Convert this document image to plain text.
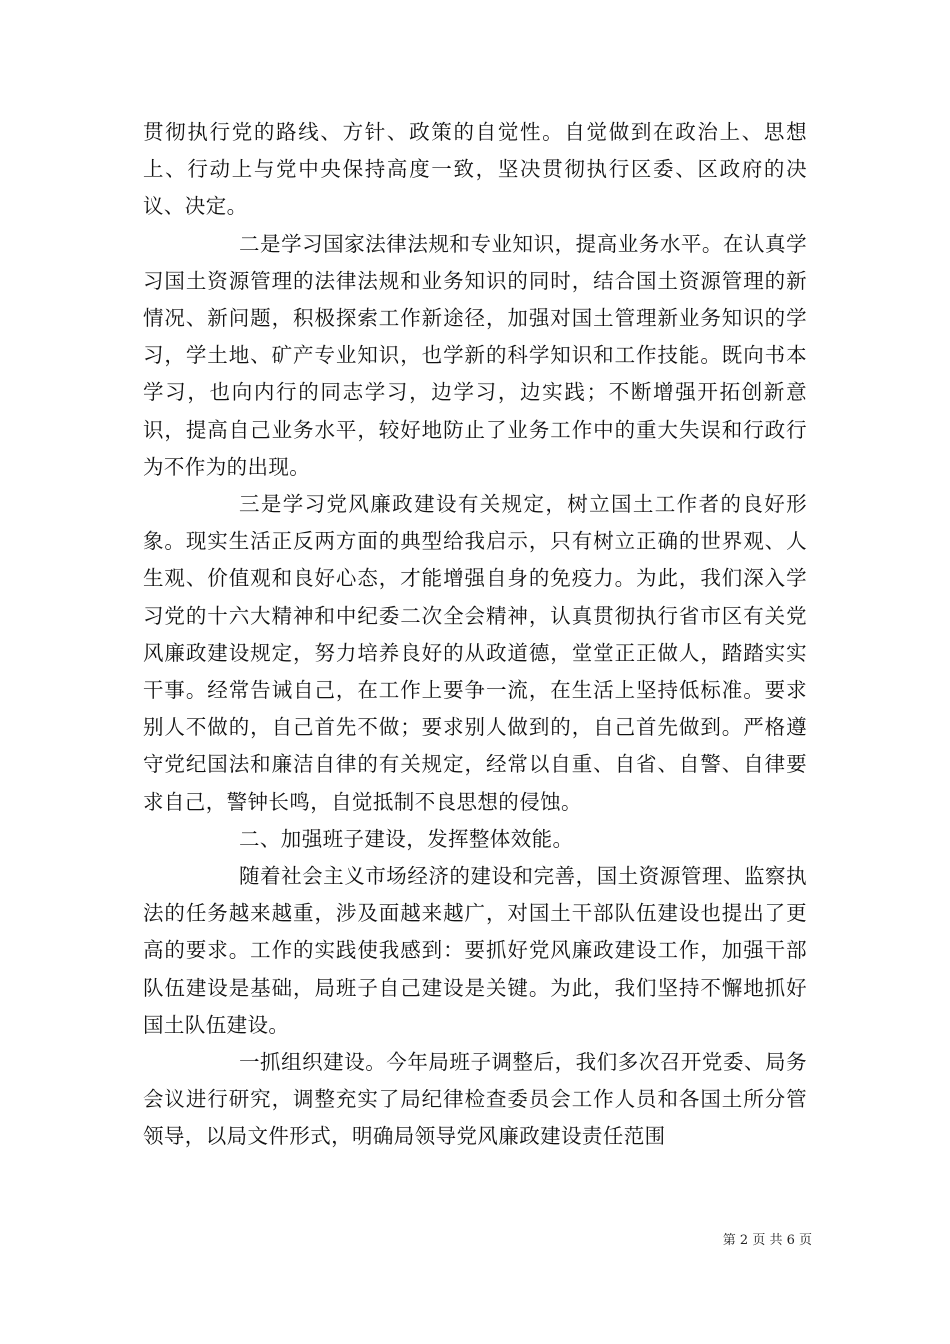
贯彻执行党的路线、方针、政策的自觉性。自觉做到在政治上、思想上、行动上与党中央保持高度一致，坚决贯彻执行区委、区政府的决议、决定。

二是学习国家法律法规和专业知识，提高业务水平。在认真学习国土资源管理的法律法规和业务知识的同时，结合国土资源管理的新情况、新问题，积极探索工作新途径，加强对国土管理新业务知识的学习，学土地、矿产专业知识，也学新的科学知识和工作技能。既向书本学习，也向内行的同志学习，边学习，边实践；不断增强开拓创新意识，提高自己业务水平，较好地防止了业务工作中的重大失误和行政行为不作为的出现。

三是学习党风廉政建设有关规定，树立国土工作者的良好形象。现实生活正反两方面的典型给我启示，只有树立正确的世界观、人生观、价值观和良好心态，才能增强自身的免疫力。为此，我们深入学习党的十六大精神和中纪委二次全会精神，认真贯彻执行省市区有关党风廉政建设规定，努力培养良好的从政道德，堂堂正正做人，踏踏实实干事。经常告诫自己，在工作上要争一流，在生活上坚持低标准。要求别人不做的，自己首先不做；要求别人做到的，自己首先做到。严格遵守党纪国法和廉洁自律的有关规定，经常以自重、自省、自警、自律要求自己，警钟长鸣，自觉抵制不良思想的侵蚀。

二、加强班子建设，发挥整体效能。

随着社会主义市场经济的建设和完善，国土资源管理、监察执法的任务越来越重，涉及面越来越广，对国土干部队伍建设也提出了更高的要求。工作的实践使我感到：要抓好党风廉政建设工作，加强干部队伍建设是基础，局班子自己建设是关键。为此，我们坚持不懈地抓好国土队伍建设。

一抓组织建设。今年局班子调整后，我们多次召开党委、局务会议进行研究，调整充实了局纪律检查委员会工作人员和各国土所分管领导，以局文件形式，明确局领导党风廉政建设责任范围

第 2 页 共 6 页
